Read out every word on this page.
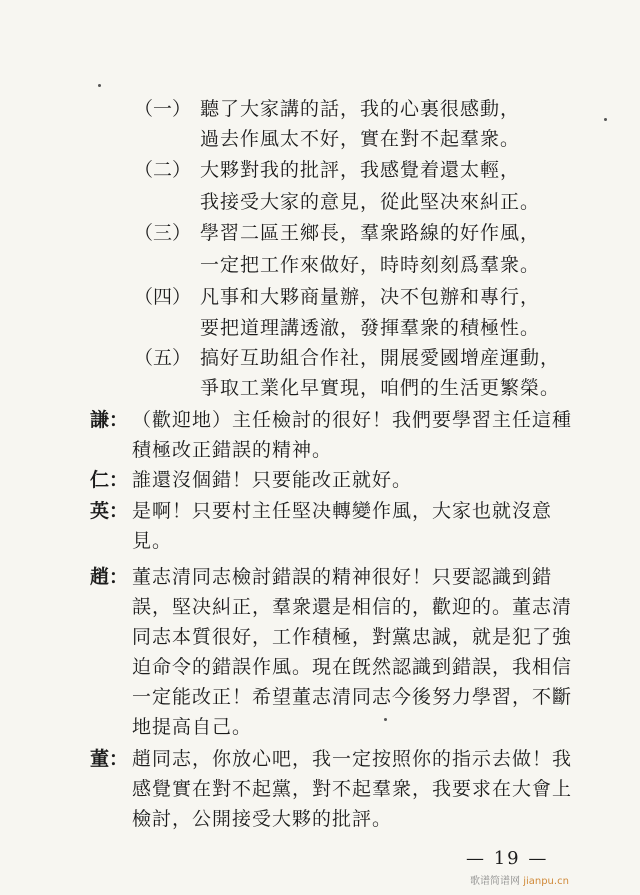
（一） 聽了大家講的話，我的心裏很感動，
過去作風太不好，實在對不起羣衆。
（二） 大夥對我的批評，我感覺着還太輕，
我接受大家的意見，從此堅决來糾正。
（三） 學習二區王鄉長，羣衆路線的好作風，
一定把工作來做好，時時刻刻爲羣衆。
（四） 凡事和大夥商量辦，决不包辦和專行，
要把道理講透澈，發揮羣衆的積極性。
（五） 搞好互助組合作社，開展愛國增産運動，
爭取工業化早實現，咱們的生活更繁榮。
謙： （歡迎地）主任檢討的很好！我們要學習主任這種
積極改正錯誤的精神。
仁： 誰還沒個錯！只要能改正就好。
英： 是啊！只要村主任堅决轉變作風，大家也就沒意
見。
趙： 董志清同志檢討錯誤的精神很好！只要認識到錯
誤，堅决糾正，羣衆還是相信的，歡迎的。董志清
同志本質很好，工作積極，對黨忠誠，就是犯了強
迫命令的錯誤作風。現在旣然認識到錯誤，我相信
一定能改正！希望董志清同志今後努力學習，不斷
地提高自己。
董： 趙同志，你放心吧，我一定按照你的指示去做！我
感覺實在對不起黨，對不起羣衆，我要求在大會上
檢討，公開接受大夥的批評。
— 19 —
歌谱简谱网 jianpu.cn
